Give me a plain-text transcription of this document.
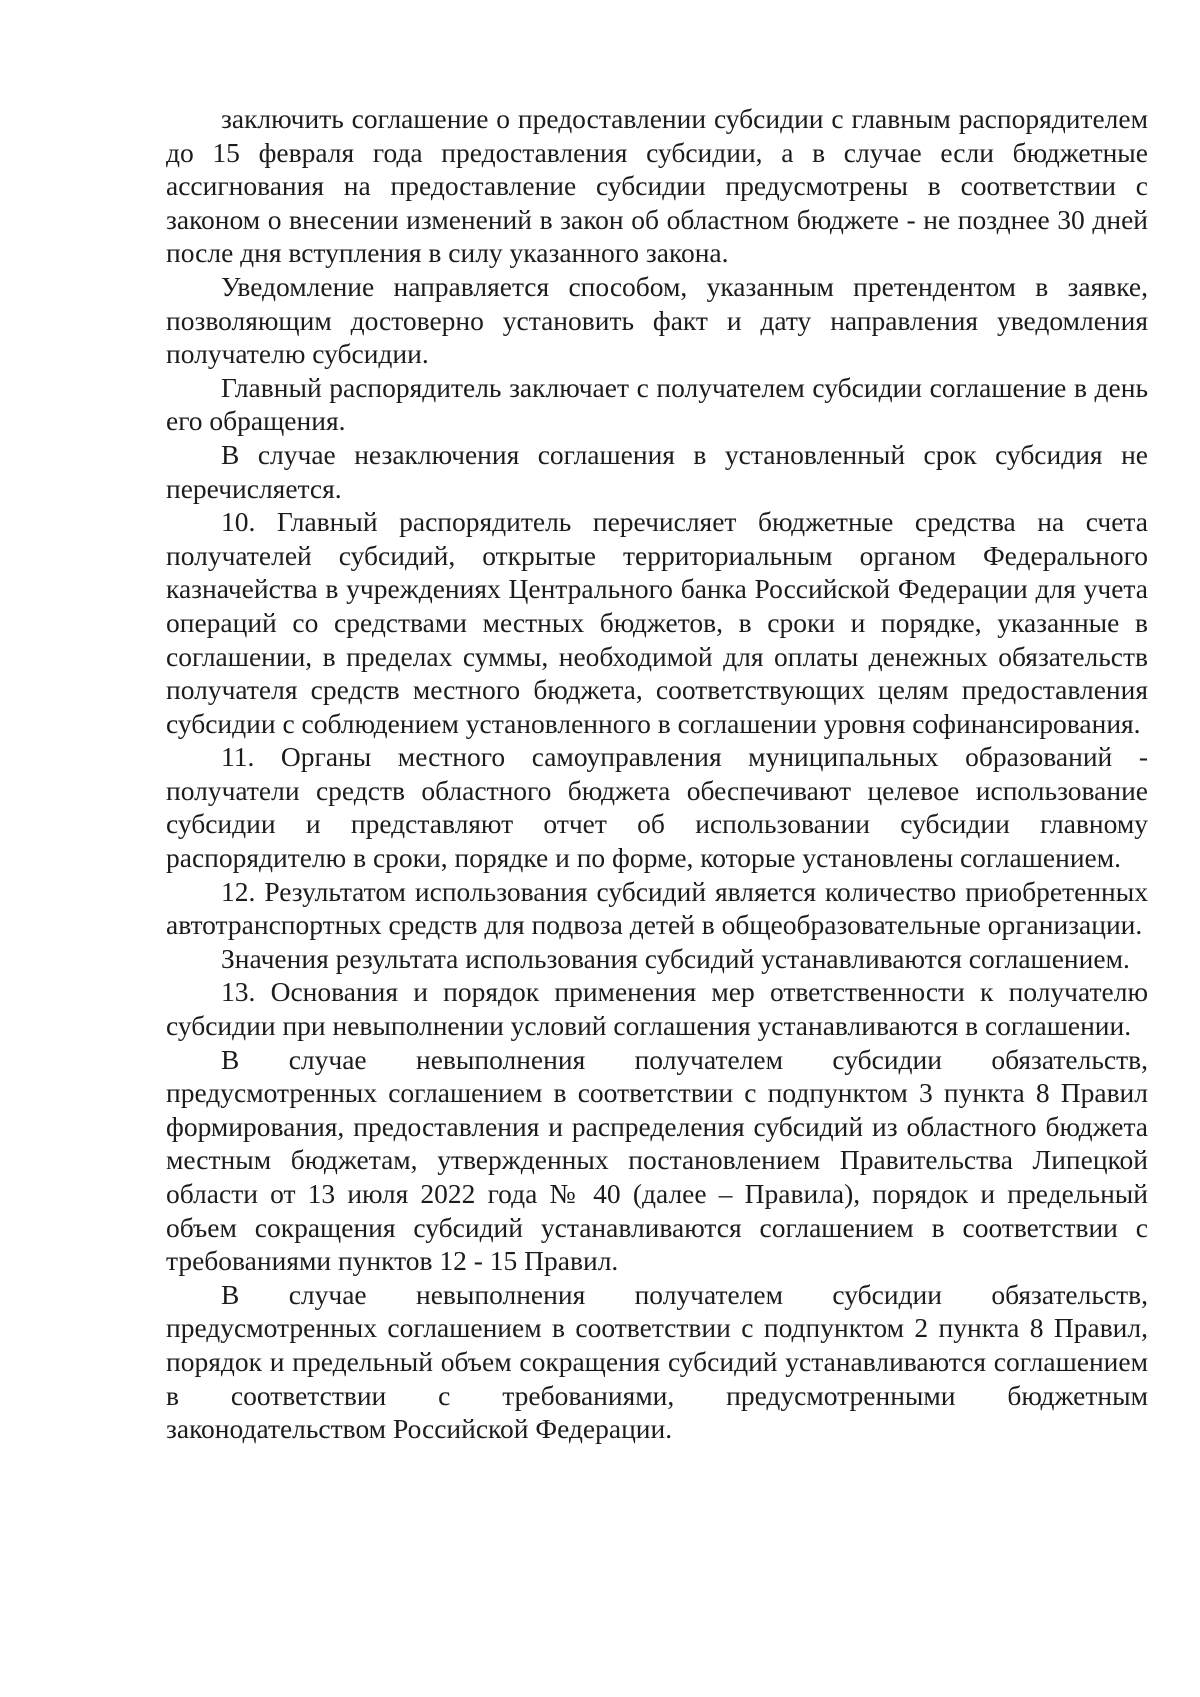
заключить соглашение о предоставлении субсидии с главным распорядителем до 15 февраля года предоставления субсидии, а в случае если бюджетные ассигнования на предоставление субсидии предусмотрены в соответствии с законом о внесении изменений в закон об областном бюджете - не позднее 30 дней после дня вступления в силу указанного закона.

Уведомление направляется способом, указанным претендентом в заявке, позволяющим достоверно установить факт и дату направления уведомления получателю субсидии.

Главный распорядитель заключает с получателем субсидии соглашение в день его обращения.

В случае незаключения соглашения в установленный срок субсидия не перечисляется.

10. Главный распорядитель перечисляет бюджетные средства на счета получателей субсидий, открытые территориальным органом Федерального казначейства в учреждениях Центрального банка Российской Федерации для учета операций со средствами местных бюджетов, в сроки и порядке, указанные в соглашении, в пределах суммы, необходимой для оплаты денежных обязательств получателя средств местного бюджета, соответствующих целям предоставления субсидии с соблюдением установленного в соглашении уровня софинансирования.

11. Органы местного самоуправления муниципальных образований - получатели средств областного бюджета обеспечивают целевое использование субсидии и представляют отчет об использовании субсидии главному распорядителю в сроки, порядке и по форме, которые установлены соглашением.

12. Результатом использования субсидий является количество приобретенных автотранспортных средств для подвоза детей в общеобразовательные организации.

Значения результата использования субсидий устанавливаются соглашением.

13. Основания и порядок применения мер ответственности к получателю субсидии при невыполнении условий соглашения устанавливаются в соглашении.

В случае невыполнения получателем субсидии обязательств, предусмотренных соглашением в соответствии с подпунктом 3 пункта 8 Правил формирования, предоставления и распределения субсидий из областного бюджета местным бюджетам, утвержденных постановлением Правительства Липецкой области от 13 июля 2022 года № 40 (далее – Правила), порядок и предельный объем сокращения субсидий устанавливаются соглашением в соответствии с требованиями пунктов 12 - 15 Правил.

В случае невыполнения получателем субсидии обязательств, предусмотренных соглашением в соответствии с подпунктом 2 пункта 8 Правил, порядок и предельный объем сокращения субсидий устанавливаются соглашением в соответствии с требованиями, предусмотренными бюджетным законодательством Российской Федерации.
